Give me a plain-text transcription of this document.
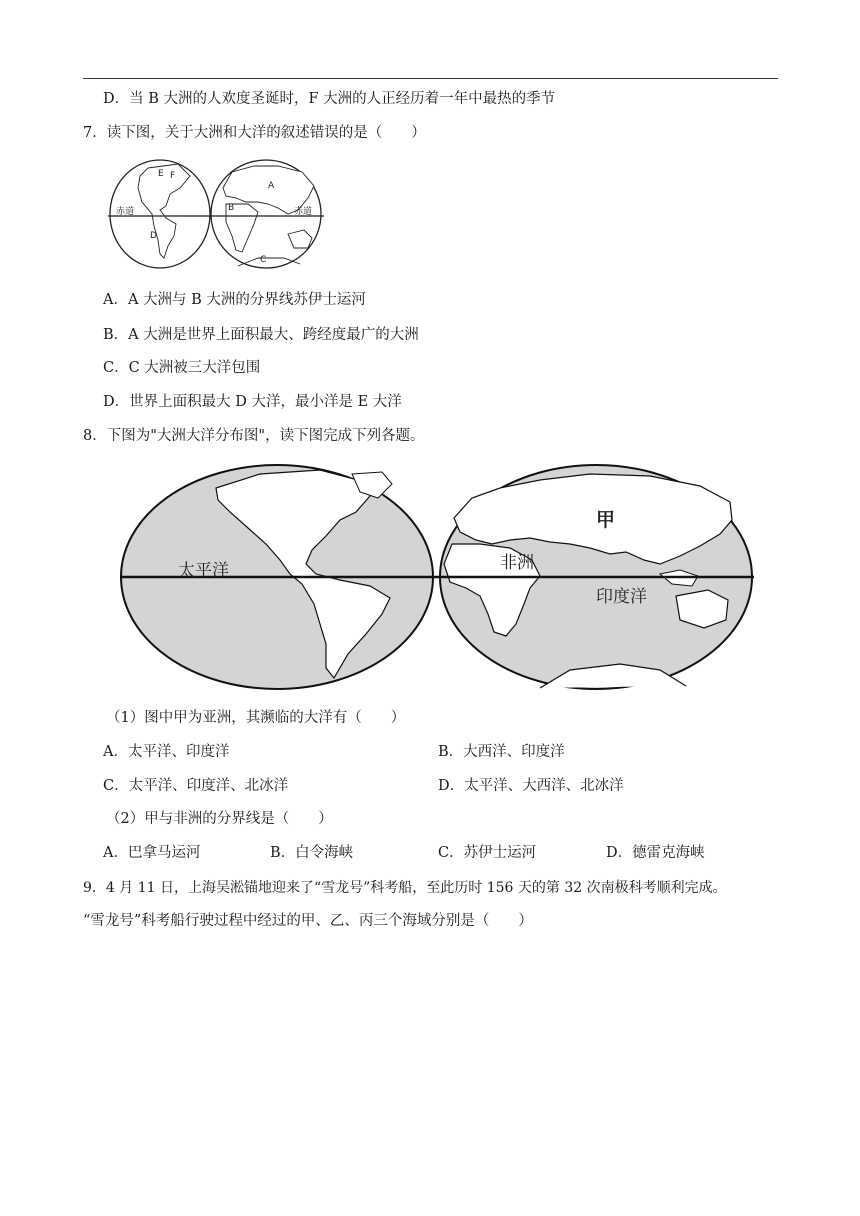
D．当 B 大洲的人欢度圣诞时，F 大洲的人正经历着一年中最热的季节
7．读下图，关于大洲和大洋的叙述错误的是（　　）
赤道	赤道
D
E
A
B
C
F
A．A 大洲与 B 大洲的分界线苏伊士运河
B．A 大洲是世界上面积最大、跨经度最广的大洲
C．C 大洲被三大洋包围
D．世界上面积最大 D 大洋，最小洋是 E 大洋
8．下图为"大洲大洋分布图"，读下图完成下列各题。
太平洋	非洲
甲
印度洋
（1）图中甲为亚洲，其濒临的大洋有（　　）
A．太平洋、印度洋	B．大西洋、印度洋
C．太平洋、印度洋、北冰洋	D．太平洋、大西洋、北冰洋
（2）甲与非洲的分界线是（　　）
A．巴拿马运河	B．白令海峡	C．苏伊士运河	D．德雷克海峡
9．4 月 11 日，上海吴淞锚地迎来了“雪龙号”科考船，至此历时 156 天的第 32 次南极科考顺利完成。
“雪龙号”科考船行驶过程中经过的甲、乙、丙三个海域分别是（　　）
